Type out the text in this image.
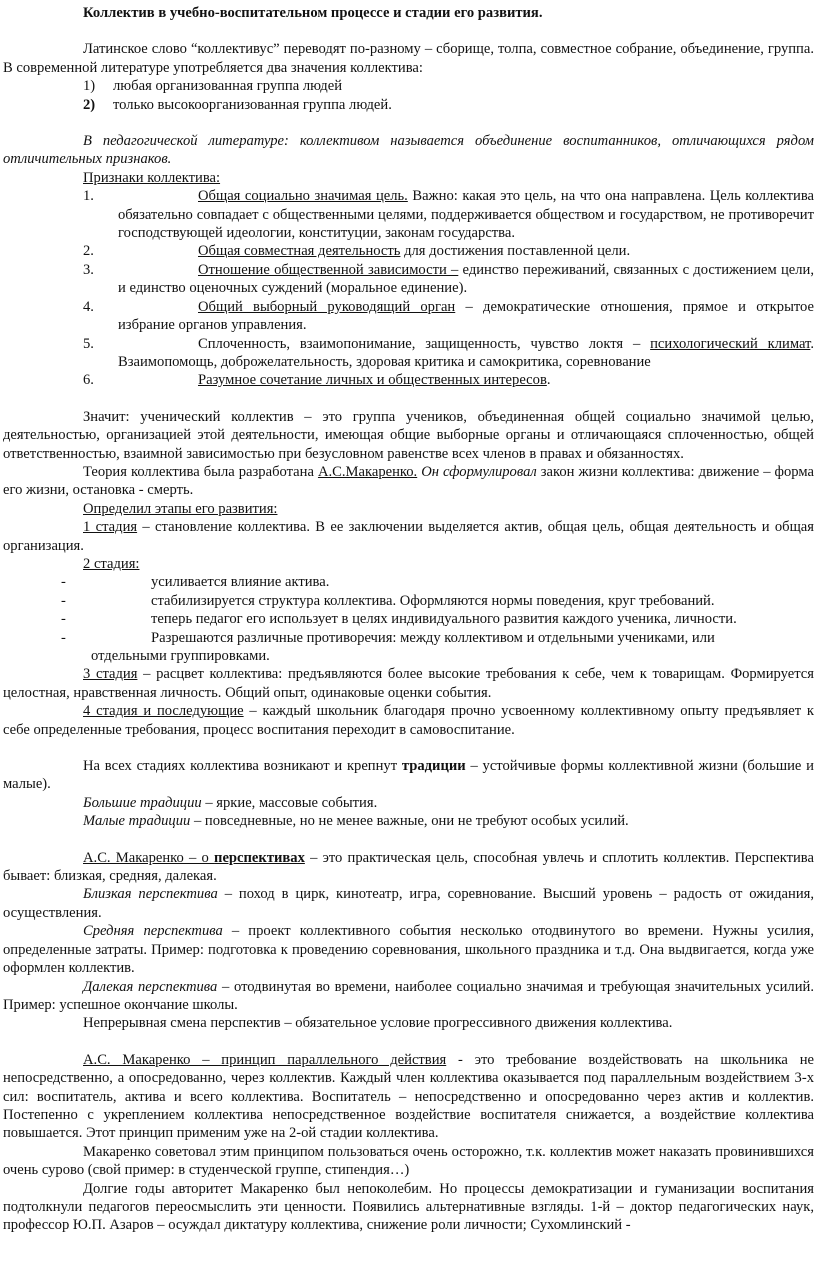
Коллектив в учебно-воспитательном процессе и стадии его развития.

Латинское слово “коллективус” переводят по-разному – сборище, толпа, совместное собрание, объединение, группа. В современной литературе употребляется два значения коллектива:

1)	любая организованная группа людей
2)	только высокоорганизованная группа людей.

В педагогической литературе: коллективом называется объединение воспитанников, отличающихся рядом отличительных признаков.

Признаки коллектива:

1.	Общая социально значимая цель. Важно: какая это цель, на что она направлена. Цель коллектива обязательно совпадает с общественными целями, поддерживается обществом и государством, не противоречит господствующей идеологии, конституции, законам государства.
2.	Общая совместная деятельность для достижения поставленной цели.
3.	Отношение общественной зависимости – единство переживаний, связанных с достижением цели, и единство оценочных суждений (моральное единение).
4.	Общий выборный руководящий орган – демократические отношения, прямое и открытое избрание органов управления.
5.	Сплоченность, взаимопонимание, защищенность, чувство локтя – психологический климат. Взаимопомощь, доброжелательность, здоровая критика и самокритика, соревнование
6.	Разумное сочетание личных и общественных интересов.

Значит: ученический коллектив – это группа учеников, объединенная общей социально значимой целью, деятельностью, организацией этой деятельности, имеющая общие выборные органы и отличающаяся сплоченностью, общей ответственностью, взаимной зависимостью при безусловном равенстве всех членов в правах и обязанностях.

Теория коллектива была разработана А.С.Макаренко. Он сформулировал закон жизни коллектива: движение – форма его жизни, остановка - смерть.

Определил этапы его развития:

1 стадия – становление коллектива. В ее заключении выделяется актив, общая цель, общая деятельность и общая организация.

2 стадия:

-	усиливается влияние актива.
-	стабилизируется структура коллектива. Оформляются нормы поведения, круг требований.
-	теперь педагог его использует в целях индивидуального развития каждого ученика, личности.
-	Разрешаются различные противоречия: между коллективом и отдельными учениками, или
отдельными группировками.

3 стадия – расцвет коллектива: предъявляются более высокие требования к себе, чем к товарищам. Формируется целостная, нравственная личность. Общий опыт, одинаковые оценки события.

4 стадия и последующие – каждый школьник благодаря прочно усвоенному коллективному опыту предъявляет к себе определенные требования, процесс воспитания переходит в самовоспитание.

На всех стадиях коллектива возникают и крепнут традиции – устойчивые формы коллективной жизни (большие и малые).

Большие традиции – яркие, массовые события.

Малые традиции – повседневные, но не менее важные, они не требуют особых усилий.

А.С. Макаренко – о перспективах – это практическая цель, способная увлечь и сплотить коллектив. Перспектива бывает: близкая, средняя, далекая.

Близкая перспектива – поход в цирк, кинотеатр, игра, соревнование. Высший уровень – радость от ожидания, осуществления.

Средняя перспектива – проект коллективного события несколько отодвинутого во времени. Нужны усилия, определенные затраты. Пример: подготовка к проведению соревнования, школьного праздника и т.д. Она выдвигается, когда уже оформлен коллектив.

Далекая перспектива – отодвинутая во времени, наиболее социально значимая и требующая значительных усилий. Пример: успешное окончание школы.

Непрерывная смена перспектив – обязательное условие прогрессивного движения коллектива.

А.С. Макаренко – принцип параллельного действия - это требование воздействовать на школьника не непосредственно, а опосредованно, через коллектив. Каждый член коллектива оказывается под параллельным воздействием 3-х сил: воспитатель, актива и всего коллектива. Воспитатель – непосредственно и опосредованно через актив и коллектив. Постепенно с укреплением коллектива непосредственное воздействие воспитателя снижается, а воздействие коллектива повышается. Этот принцип применим уже на 2-ой стадии коллектива.

Макаренко советовал этим принципом пользоваться очень осторожно, т.к. коллектив может наказать провинившихся очень сурово (свой пример: в студенческой группе, стипендия…)

Долгие годы авторитет Макаренко был непоколебим. Но процессы демократизации и гуманизации воспитания подтолкнули педагогов переосмыслить эти ценности. Появились альтернативные взгляды. 1-й – доктор педагогических наук, профессор Ю.П. Азаров – осуждал диктатуру коллектива, снижение роли личности; Сухомлинский -
